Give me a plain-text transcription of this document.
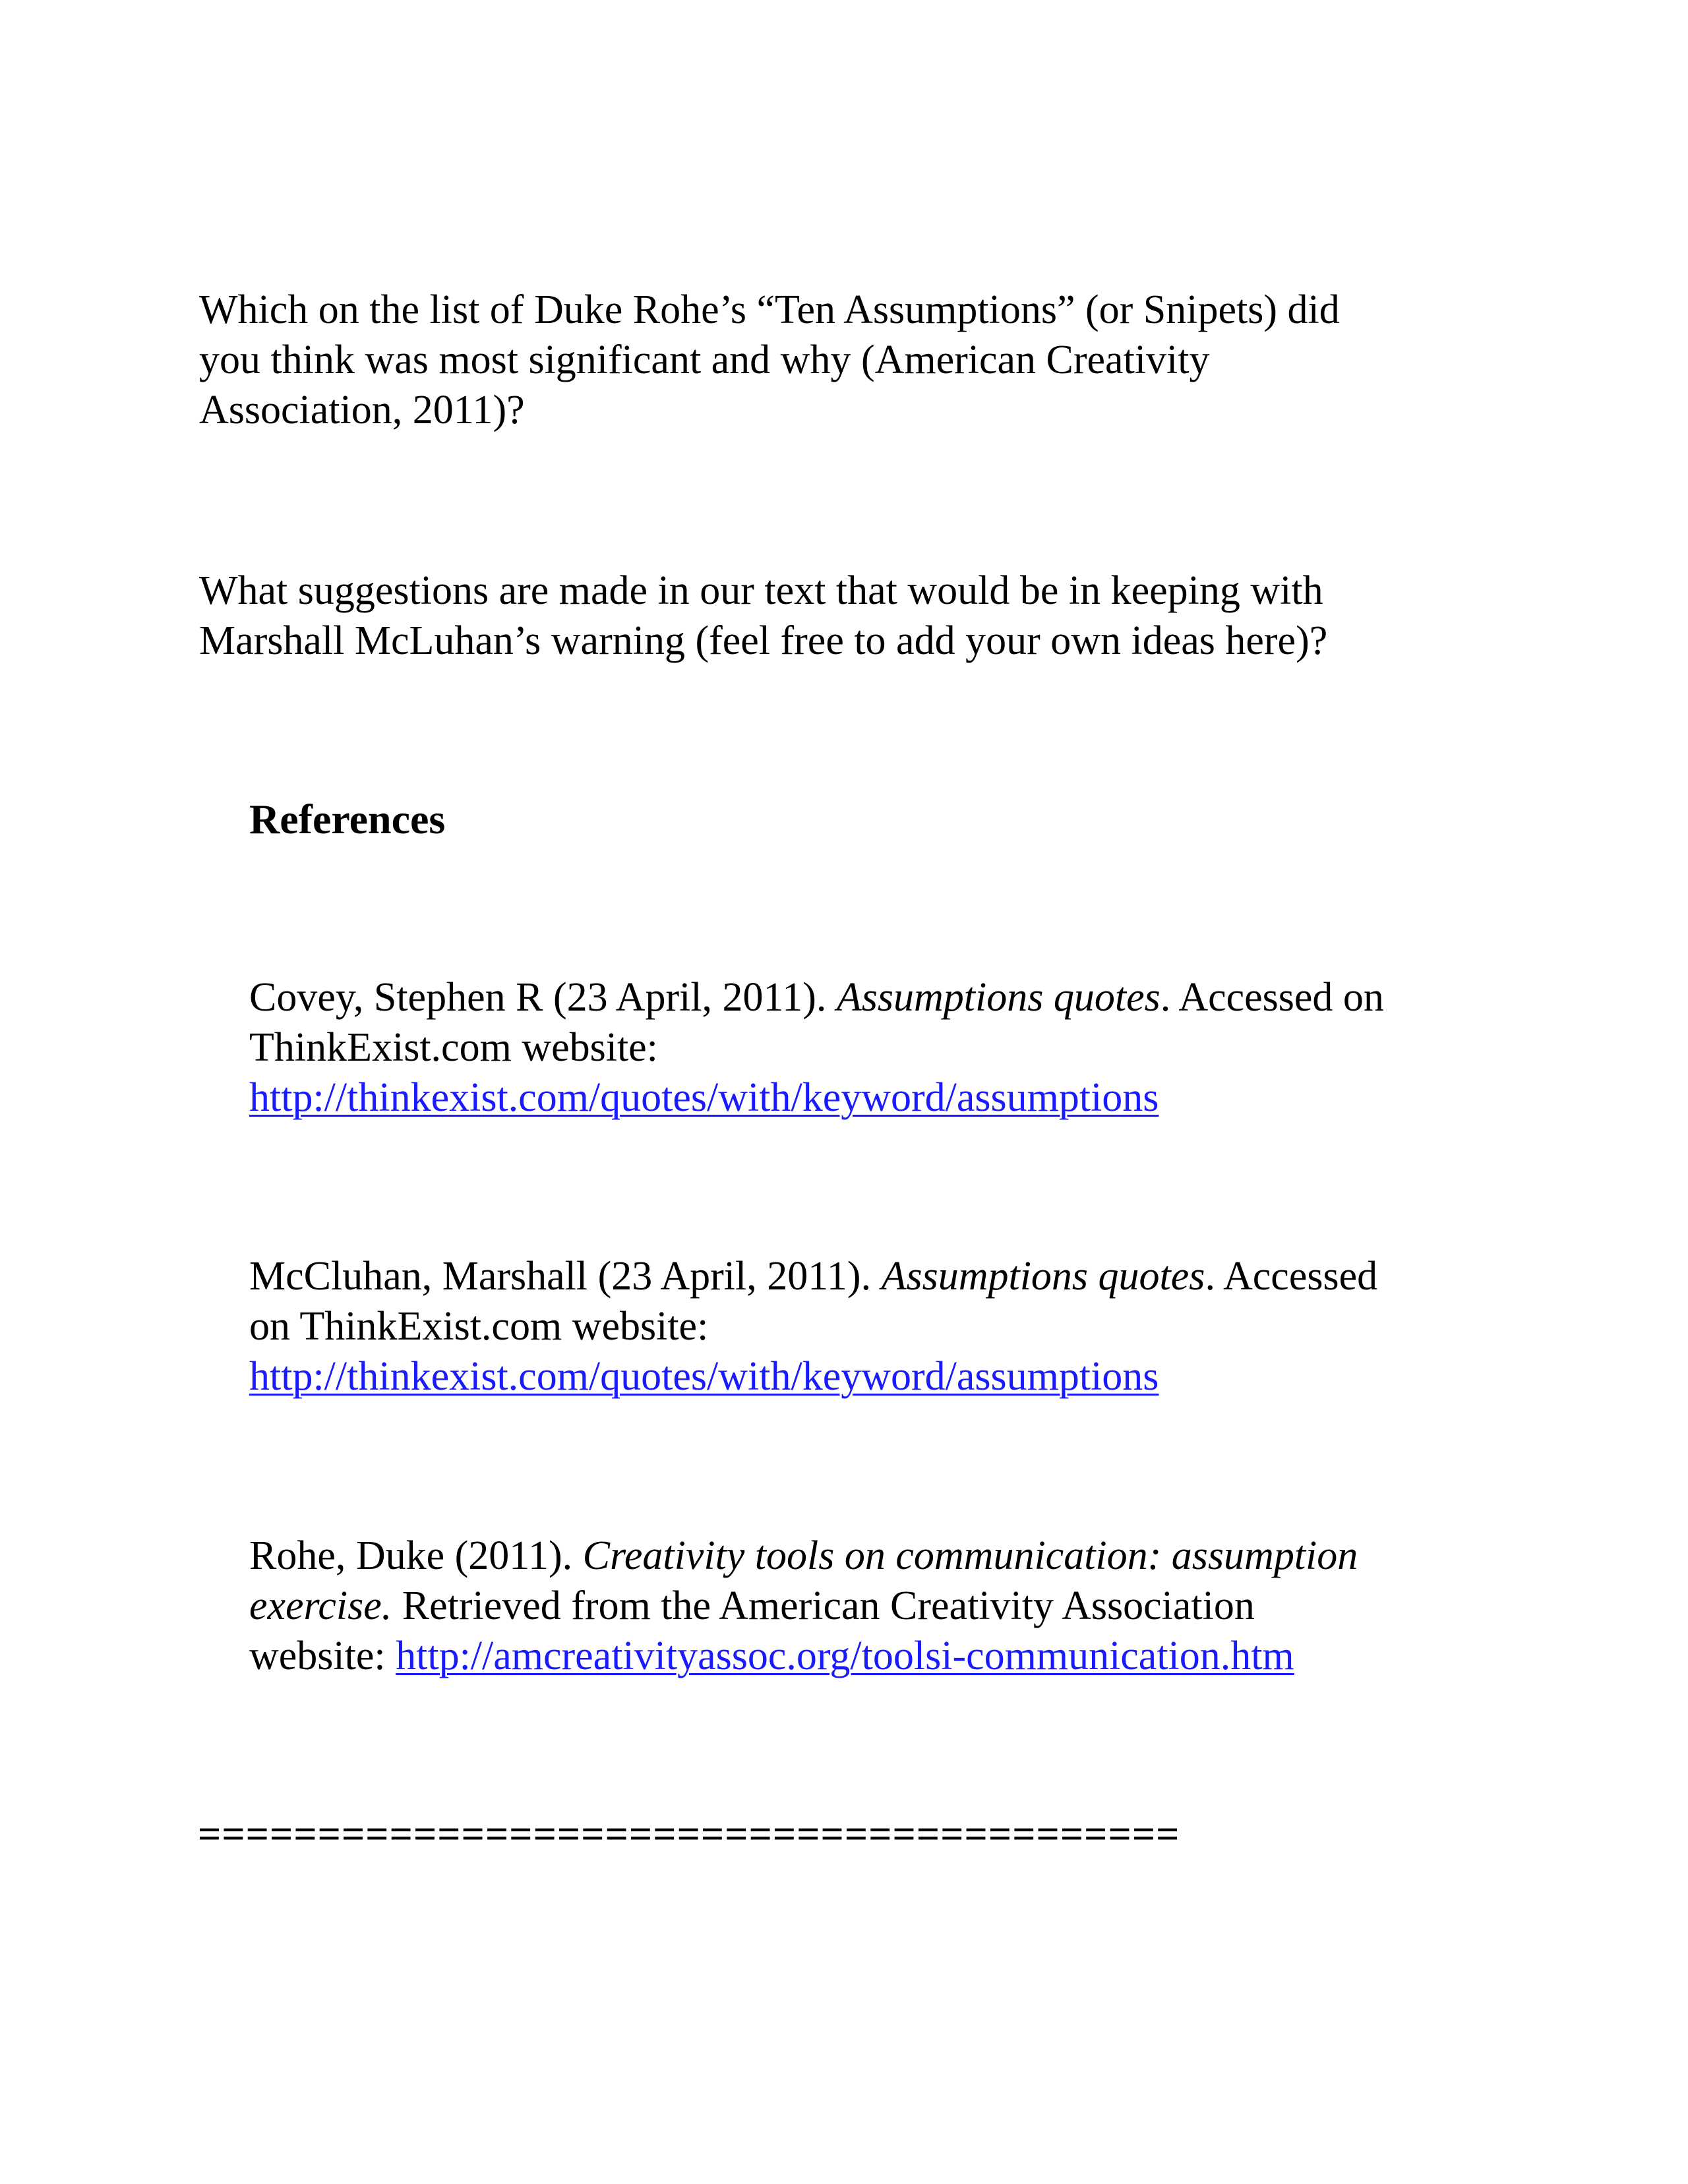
Which on the list of Duke Rohe’s “Ten Assumptions” (or Snipets) did
you think was most significant and why (American Creativity
Association, 2011)?

What suggestions are made in our text that would be in keeping with
Marshall McLuhan’s warning (feel free to add your own ideas here)?

References

Covey, Stephen R (23 April, 2011). Assumptions quotes. Accessed on
ThinkExist.com website:
http://thinkexist.com/quotes/with/keyword/assumptions

McCluhan, Marshall (23 April, 2011). Assumptions quotes. Accessed
on ThinkExist.com website:
http://thinkexist.com/quotes/with/keyword/assumptions

Rohe, Duke (2011). Creativity tools on communication: assumption
exercise. Retrieved from the American Creativity Association
website: http://amcreativityassoc.org/toolsi-communication.htm

=========================================
